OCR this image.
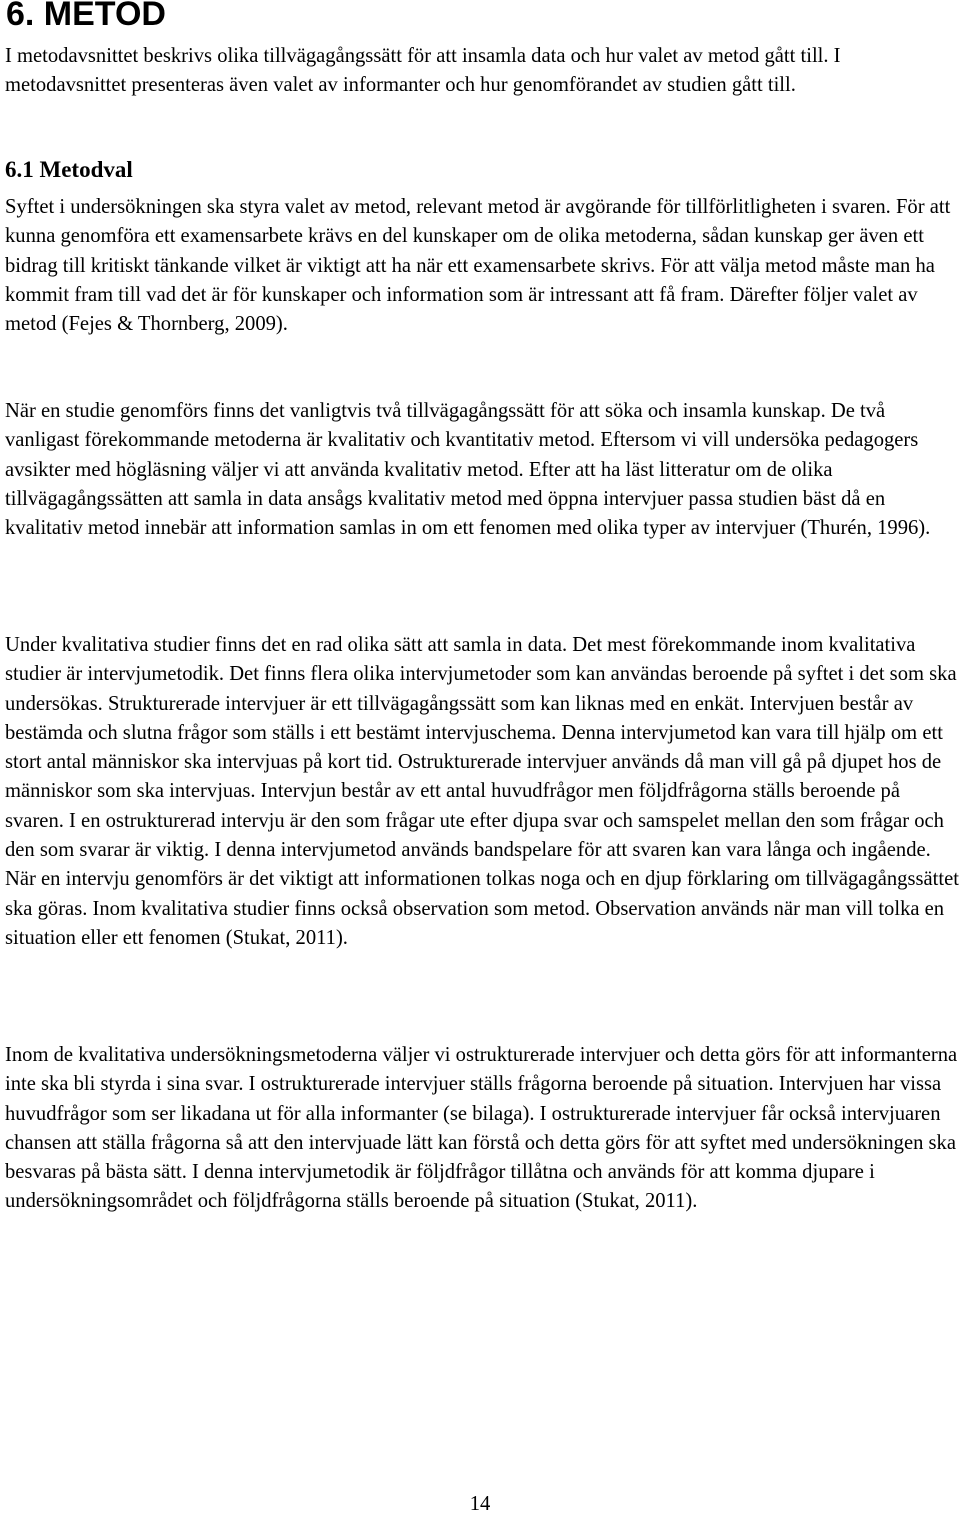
6. METOD

I metodavsnittet beskrivs olika tillvägagångssätt för att insamla data och hur valet av metod gått till. I metodavsnittet presenteras även valet av informanter och hur genomförandet av studien gått till.

6.1 Metodval

Syftet i undersökningen ska styra valet av metod, relevant metod är avgörande för tillförlitligheten i svaren. För att kunna genomföra ett examensarbete krävs en del kunskaper om de olika metoderna, sådan kunskap ger även ett bidrag till kritiskt tänkande vilket är viktigt att ha när ett examensarbete skrivs. För att välja metod måste man ha kommit fram till vad det är för kunskaper och information som är intressant att få fram. Därefter följer valet av metod (Fejes & Thornberg, 2009).

När en studie genomförs finns det vanligtvis två tillvägagångssätt för att söka och insamla kunskap. De två vanligast förekommande metoderna är kvalitativ och kvantitativ metod. Eftersom vi vill undersöka pedagogers avsikter med högläsning väljer vi att använda kvalitativ metod. Efter att ha läst litteratur om de olika tillvägagångssätten att samla in data ansågs kvalitativ metod med öppna intervjuer passa studien bäst då en kvalitativ metod innebär att information samlas in om ett fenomen med olika typer av intervjuer (Thurén, 1996).

Under kvalitativa studier finns det en rad olika sätt att samla in data. Det mest förekommande inom kvalitativa studier är intervjumetodik. Det finns flera olika intervjumetoder som kan användas beroende på syftet i det som ska undersökas. Strukturerade intervjuer är ett tillvägagångssätt som kan liknas med en enkät. Intervjuen består av bestämda och slutna frågor som ställs i ett bestämt intervjuschema. Denna intervjumetod kan vara till hjälp om ett stort antal människor ska intervjuas på kort tid. Ostrukturerade intervjuer används då man vill gå på djupet hos de människor som ska intervjuas. Intervjun består av ett antal huvudfrågor men följdfrågorna ställs beroende på svaren. I en ostrukturerad intervju är den som frågar ute efter djupa svar och samspelet mellan den som frågar och den som svarar är viktig. I denna intervjumetod används bandspelare för att svaren kan vara långa och ingående. När en intervju genomförs är det viktigt att informationen tolkas noga och en djup förklaring om tillvägagångssättet ska göras. Inom kvalitativa studier finns också observation som metod. Observation används när man vill tolka en situation eller ett fenomen (Stukat, 2011).

Inom de kvalitativa undersökningsmetoderna väljer vi ostrukturerade intervjuer och detta görs för att informanterna inte ska bli styrda i sina svar. I ostrukturerade intervjuer ställs frågorna beroende på situation. Intervjuen har vissa huvudfrågor som ser likadana ut för alla informanter (se bilaga). I ostrukturerade intervjuer får också intervjuaren chansen att ställa frågorna så att den intervjuade lätt kan förstå och detta görs för att syftet med undersökningen ska besvaras på bästa sätt. I denna intervjumetodik är följdfrågor tillåtna och används för att komma djupare i undersökningsområdet och följdfrågorna ställs beroende på situation (Stukat, 2011).

14
